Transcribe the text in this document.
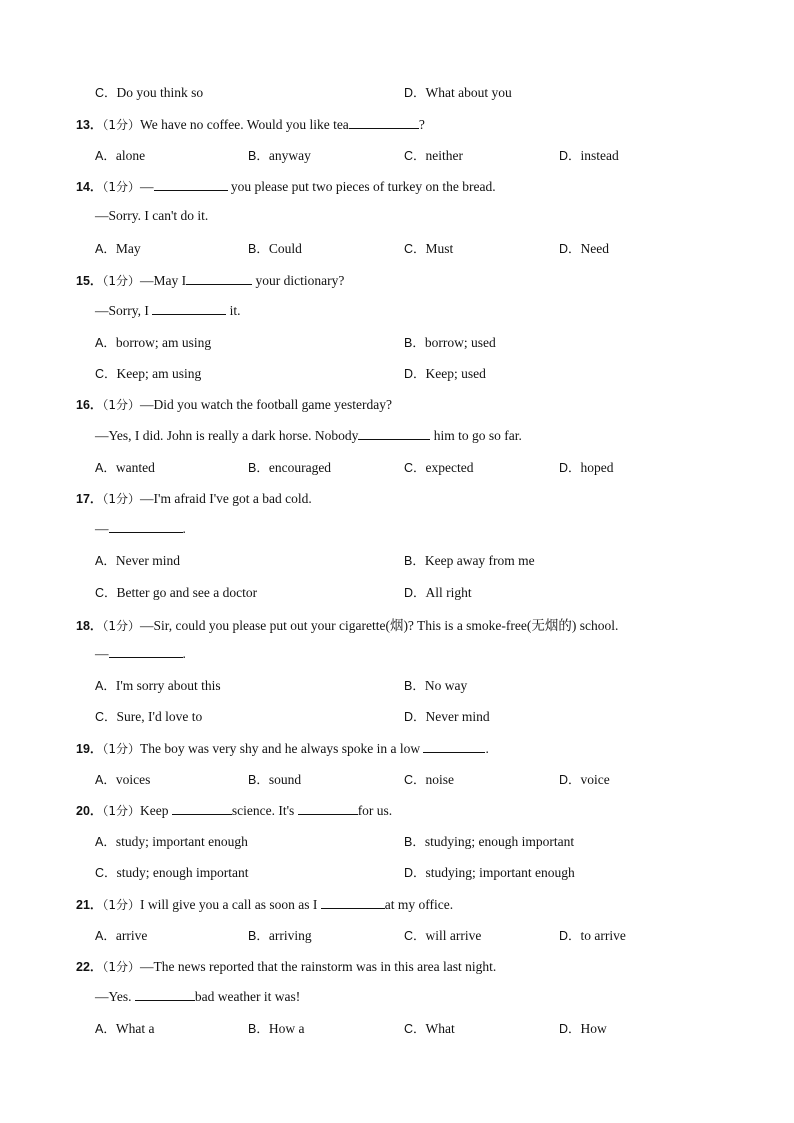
C．Do you think so	D．What about you
13．（1分）We have no coffee. Would you like tea	?
A．alone	B．anyway	C．neither	D．instead
14．（1分）—	you please put two pieces of turkey on the bread.
—Sorry. I can't do it.
A．May	B．Could	C．Must	D．Need
15．（1分）—May I	your dictionary?
—Sorry, I	it.
A．borrow; am using	B．borrow; used
C．Keep; am using	D．Keep; used
16．（1分）—Did you watch the football game yesterday?
—Yes, I did. John is really a dark horse. Nobody	him to go so far.
A．wanted	B．encouraged	C．expected	D．hoped
17．（1分）—I'm afraid I've got a bad cold.
—	.
A．Never mind	B．Keep away from me
C．Better go and see a doctor	D．All right
18．（1分）—Sir, could you please put out your cigarette(烟)? This is a smoke-free(无烟的) school.
—	.
A．I'm sorry about this	B．No way
C．Sure, I'd love to	D．Never mind
19．（1分）The boy was very shy and he always spoke in a low	.
A．voices	B．sound	C．noise	D．voice
20．（1分）Keep	science. It's	for us.
A．study; important enough	B．studying; enough important
C．study; enough important	D．studying; important enough
21．（1分）I will give you a call as soon as I	at my office.
A．arrive	B．arriving	C．will arrive	D．to arrive
22．（1分）—The news reported that the rainstorm was in this area last night.
—Yes.	bad weather it was!
A．What a	B．How a	C．What	D．How
